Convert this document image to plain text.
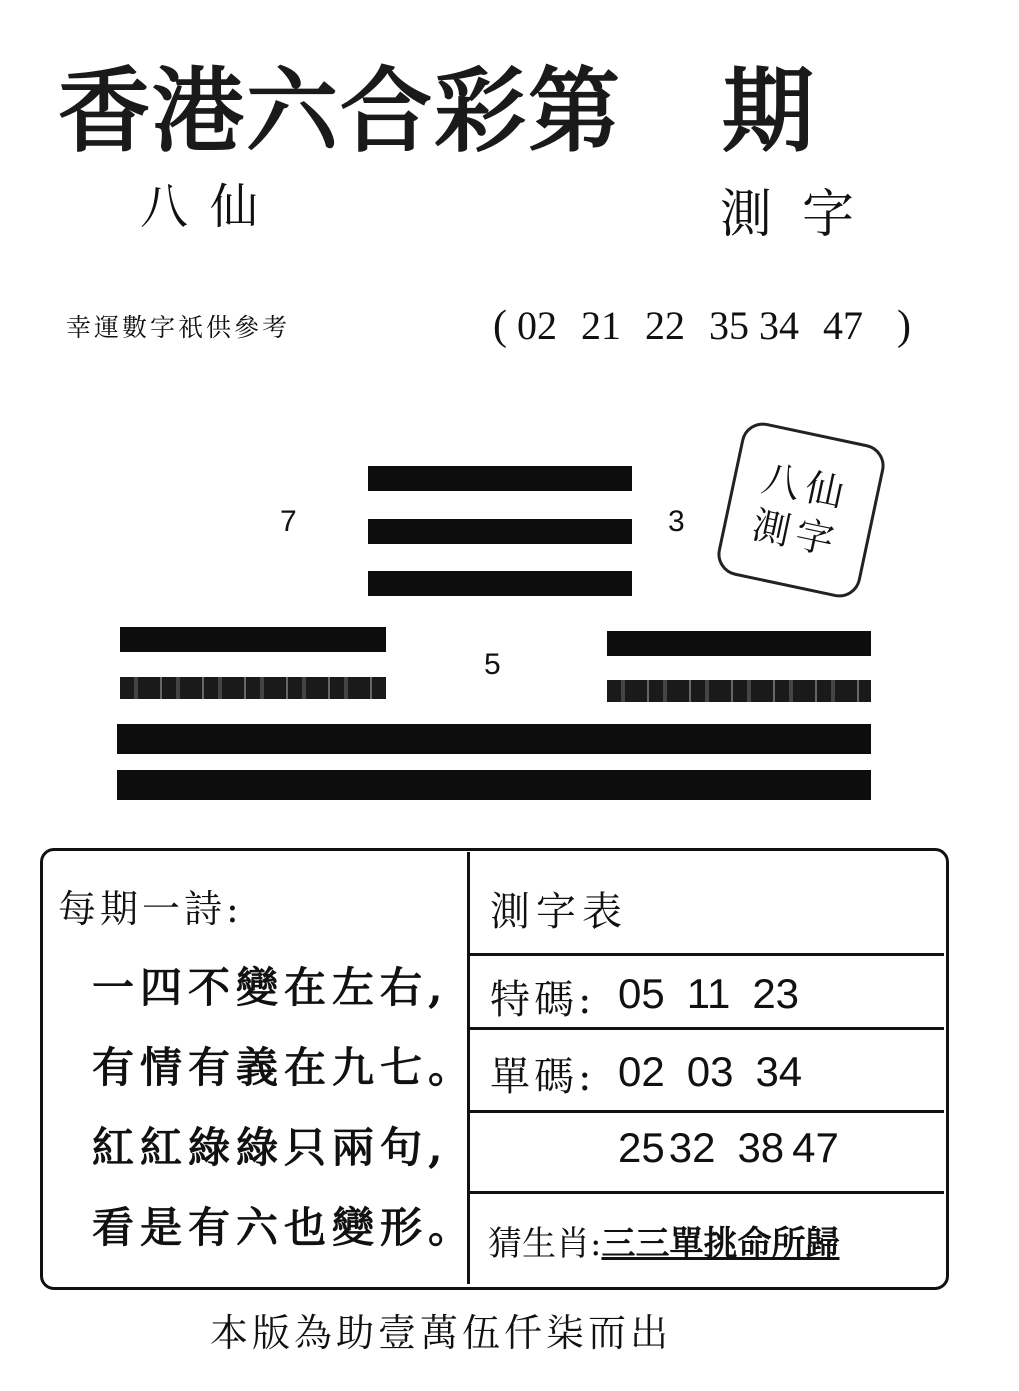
香港六合彩第 期
八仙	測字
幸運數字祇供參考	( 02 21 22 35 34 47 )
7	3
5
八仙
測字
每期一詩:
一四不變在左右,
有情有義在九七。
紅紅綠綠只兩句,
看是有六也變形。
測字表
特碼: 05 11 23
單碼: 02 03 34
2532 38 47
猜生肖:三三單挑命所歸
本版為助壹萬伍仟柒而出
